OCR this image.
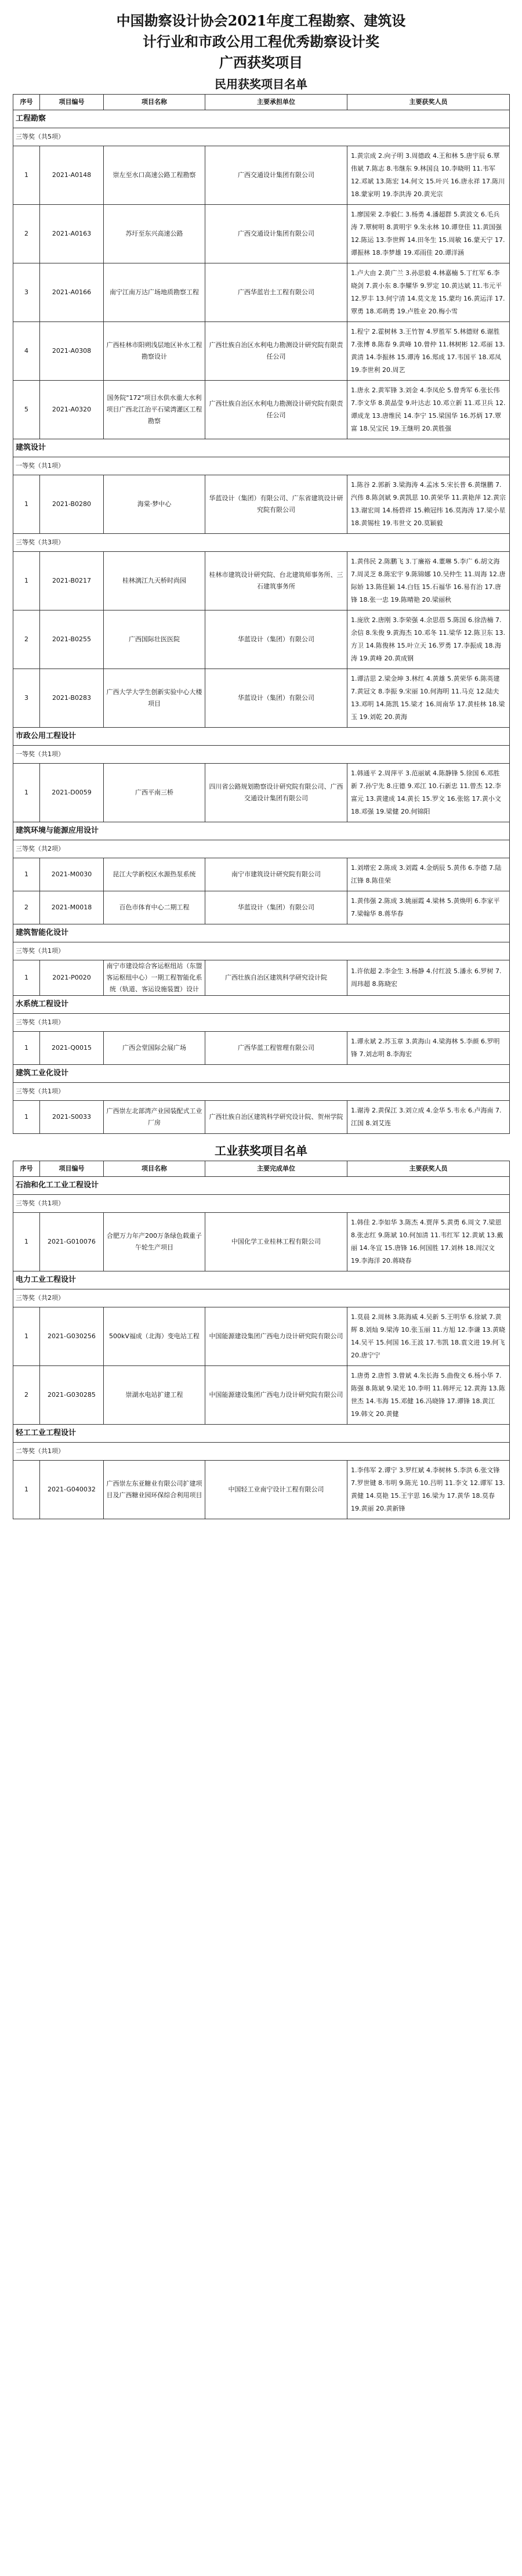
中国勘察设计协会2021年度工程勘察、建筑设
计行业和市政公用工程优秀勘察设计奖
广西获奖项目
民用获奖项目名单
序号	项目编号	项目名称	主要承担单位	主要获奖人员
工程勘察				
三等奖（共5项）				
1	2021-A0148	崇左至水口高速公路工程勘察	广西交通设计集团有限公司	1.黄宗成 2.向子明 3.周德政 4.王和林 5.唐宇辰 6.覃伟斌 7.陈志 8.韦继东 9.林国良 10.李晓明 11.韦军 12.邓斌 13.陈宏 14.何文 15.叶兴 16.唐永祥 17.陈川 18.蒙家明 19.李洪涛 20.黄光宗
2	2021-A0163	苏圩至东兴高速公路	广西交通设计集团有限公司	1.廖国荣 2.李毅仁 3.杨勇 4.潘超群 5.黄波文 6.毛兵涛 7.覃树明 8.黄明宇 9.朱永林 10.谭登佳 11.黄国强 12.陈运 13.李世辉 14.田冬生 15.周敏 16.蒙天宁 17.谭振林 18.李梦雄 19.邓雨佳 20.谭洋涵
3	2021-A0166	南宁江南万达广场地质勘察工程	广西华蓝岩土工程有限公司	1.卢大由 2.黄广兰 3.孙思毅 4.林嘉楠 5.丁红军 6.李晓剑 7.黄小东 8.李耀华 9.罗定 10.黄达斌 11.韦元平 12.罗丰 13.何宁清 14.莫文龙 15.蒙均 16.黄运洋 17.覃勇 18.邓萌勇 19.卢胜业 20.梅小雪
4	2021-A0308	广西桂林市阳朔浅层地区补水工程勘察设计	广西壮族自治区水利电力勘测设计研究院有限责任公司	1.程宁 2.霍树林 3.王竹智 4.罗胜军 5.林德财 6.谢胜 7.张博 8.陈春 9.黄峰 10.曾仲 11.林树彬 12.邓丽 13.黄清 14.李振林 15.谭涛 16.郑成 17.韦国平 18.邓凤 19.李世利 20.周艺
5	2021-A0320	国务院"172"项目水供水重大水利项目广西北江治平石梁湾灌区工程勘察	广西壮族自治区水利电力勘测设计研究院有限责任公司	1.唐永 2.黄军锋 3.刘金 4.李凤伦 5.曾秀军 6.张长伟 7.李文华 8.黄晶莹 9.叶达志 10.邓立新 11.邓卫兵 12.谭成龙 13.唐维民 14.李宁 15.梁国华 16.苏炳 17.覃富 18.吴宝民 19.王继明 20.黄胜强
建筑设计				
一等奖（共1项）				
1	2021-B0280	海棠·梦中心	华蓝设计（集团）有限公司、广东省建筑设计研究院有限公司	1.陈谷 2.郭新 3.梁海涛 4.孟冰 5.宋长普 6.黄继鹏 7.汽伟 8.陈剑斌 9.黄凯思 10.黄荣华 11.黄艳萍 12.黄宗 13.谢宏周 14.杨碧祥 15.赖冠纬 16.莫海涛 17.梁小星 18.黄锡柱 19.韦世文 20.莫颖毅
三等奖（共3项）				
1	2021-B0217	桂林漓江九天桥时尚园	桂林市建筑设计研究院、台北建筑师事务所、三石建筑事务所	1.黄伟民 2.陈鹏飞 3.丁廉裕 4.董琳 5.李广 6.胡文海 7.周灵芝 8.陈宏宇 9.陈锦娜 10.吴仲生 11.周海 12.唐际娇 13.陈佳颖 14.白钰 15.石福华 16.易有治 17.唐锋 18.张一忠 19.陈晴艳 20.梁丽秋
2	2021-B0255	广西国际壮医医院	华蓝设计（集团）有限公司	1.庞欣 2.唐刚 3.李荣强 4.余思蓓 5.陈国 6.徐浩楠 7.余信 8.朱俊 9.黄海杰 10.邓冬 11.梁华 12.陈卫东 13.方卫 14.陈俊林 15.叶立天 16.罗勇 17.李振成 18.海涛 19.黄峰 20.黄成钢
3	2021-B0283	广西大学大学生创新实验中心大楼项目	华蓝设计（集团）有限公司	1.谭洁思 2.梁金坤 3.林红 4.黄雄 5.黄荣华 6.陈英建 7.黄冠文 8.李振 9.宋丽 10.何海明 11.马克 12.陆夫 13.邓明 14.陈凯 15.梁才 16.周南华 17.黄桂林 18.梁玉 19.刘乾 20.黄海
市政公用工程设计				
一等奖（共1项）				
1	2021-D0059	广西平南三桥	四川省公路规划勘察设计研究院有限公司、广西交通设计集团有限公司	1.韩通平 2.周萍平 3.范丽斌 4.陈静锋 5.徐国 6.邓胜新 7.孙宁先 8.庄德 9.邓江 10.石新忠 11.曾杰 12.李富元 13.黄建成 14.黄长 15.罗文 16.张铭 17.黄小文 18.邓强 19.梁健 20.何锦阳
建筑环境与能源应用设计				
三等奖（共2项）				
1	2021-M0030	昆江大学新校区水源热泵系统	南宁市建筑设计研究院有限公司	1.刘增宏 2.陈成 3.刘霞 4.金炳辰 5.黄伟 6.李德 7.陆江锋 8.陈佳荣
2	2021-M0018	百色市体育中心二期工程	华蓝设计（集团）有限公司	1.黄伟强 2.陈成 3.姚丽霞 4.梁林 5.黄焕明 6.李家平 7.梁翰华 8.蒋华春
建筑智能化设计				
三等奖（共1项）				
1	2021-P0020	南宁市建设综合客运枢纽站（东盟客运枢纽中心）一期工程智能化系统（轨道、客运设施装置）设计	广西壮族自治区建筑科学研究设计院	1.许依超 2.李金生 3.杨静 4.付红波 5.潘永 6.罗树 7.周玮超 8.陈晓宏
水系统工程设计				
三等奖（共1项）				
1	2021-Q0015	广西会堂国际会展广场	广西华蓝工程管理有限公司	1.谭永斌 2.苏玉章 3.黄海山 4.梁海林 5.李颜 6.罗明锋 7.刘志明 8.李海宏
建筑工业化设计				
三等奖（共1项）				
1	2021-S0033	广西崇左北部湾产业园装配式工业厂房	广西壮族自治区建筑科学研究设计院、贺州学院	1.谢涛 2.黄保江 3.刘立成 4.金华 5.韦永 6.卢海南 7.江国 8.刘艾连
工业获奖项目名单
序号	项目编号	项目名称	主要完成单位	主要获奖人员
石油和化工工业工程设计				
三等奖（共1项）				
1	2021-G010076	合肥万力年产200万条绿色载重子午轮生产项目	中国化学工业桂林工程有限公司	1.韩佳 2.李如华 3.陈杰 4.贾萍 5.黄勇 6.周文 7.梁恩 8.张志红 9.陈斌 10.何加清 11.韦红军 12.黄斌 13.戴丽 14.冬宜 15.唐锋 16.何国胜 17.刘林 18.周汉文 19.李海洋 20.蒋晓春
电力工业工程设计				
三等奖（共2项）				
1	2021-G030256	500kV福成（北海）变电站工程	中国能源建设集团广西电力设计研究院有限公司	1.莫晨 2.周林 3.陈海威 4.吴新 5.王明华 6.徐斌 7.黄辉 8.刘灿 9.梁涛 10.张玉丽 11.方旭 12.李谦 13.黄晓 14.吴平 15.何国 16.王波 17.韦凯 18.袁文进 19.何飞 20.唐宁宁
2	2021-G030285	崇湖水电站扩建工程	中国能源建设集团广西电力设计研究院有限公司	1.唐勇 2.唐哲 3.曾斌 4.朱长海 5.曲俊文 6.杨小华 7.陈强 8.陈斌 9.梁光 10.李明 11.韩坪元 12.黄海 13.陈世杰 14.韦海 15.邓健 16.冯晓锋 17.谭锋 18.黄江 19.韩文 20.黄健
轻工工业工程设计				
二等奖（共1项）				
1	2021-G040032	广西崇左东亚糖业有限公司扩建项目及广西糖业园环保综合利用项目	中国轻工业南宁设计工程有限公司	1.李伟军 2.谭宁 3.罗红斌 4.李树林 5.李洪 6.张文锋 7.罗世键 8.韦明 9.陈光 10.吕明 11.李文 12.谭军 13.黄健 14.莫艳 15.王宇思 16.梁为 17.黄华 18.莫春 19.黄丽 20.黄新锋
